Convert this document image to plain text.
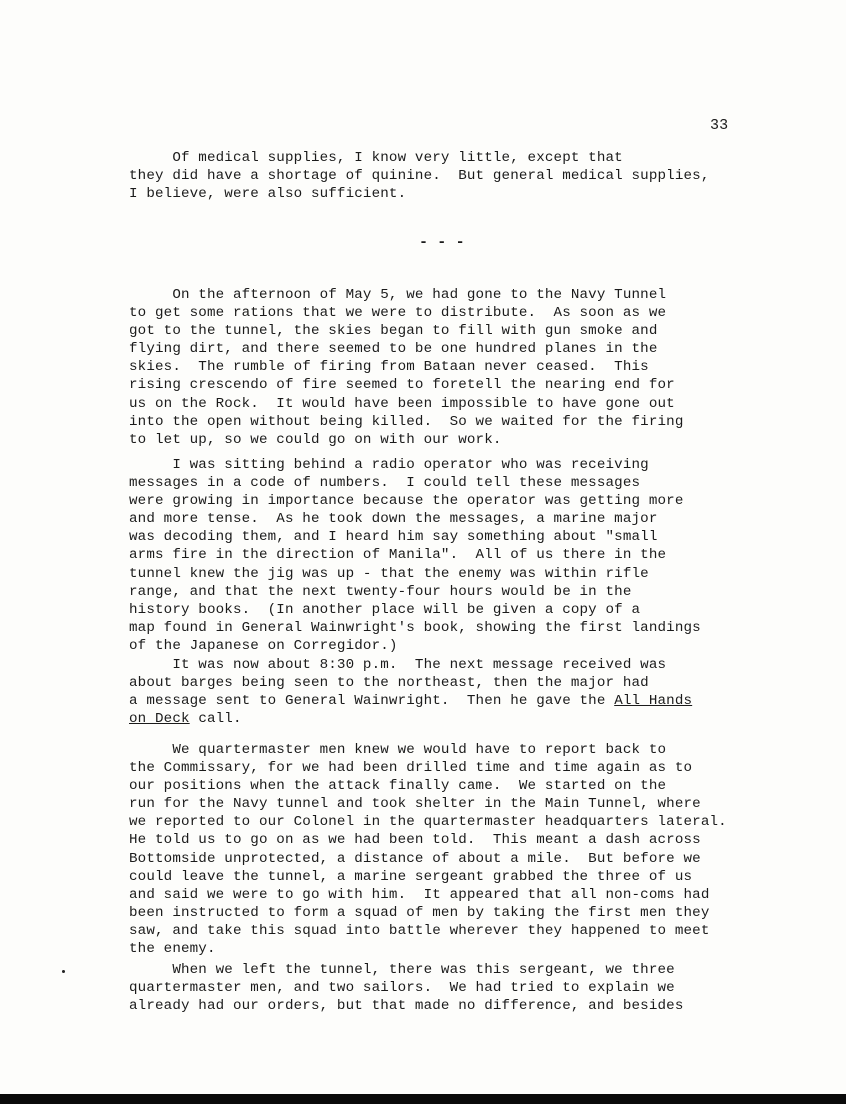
33
Of medical supplies, I know very little, except that
they did have a shortage of quinine.  But general medical supplies,
I believe, were also sufficient.
- - -
On the afternoon of May 5, we had gone to the Navy Tunnel
to get some rations that we were to distribute.  As soon as we
got to the tunnel, the skies began to fill with gun smoke and
flying dirt, and there seemed to be one hundred planes in the
skies.  The rumble of firing from Bataan never ceased.  This
rising crescendo of fire seemed to foretell the nearing end for
us on the Rock.  It would have been impossible to have gone out
into the open without being killed.  So we waited for the firing
to let up, so we could go on with our work.
I was sitting behind a radio operator who was receiving
messages in a code of numbers.  I could tell these messages
were growing in importance because the operator was getting more
and more tense.  As he took down the messages, a marine major
was decoding them, and I heard him say something about "small
arms fire in the direction of Manila".  All of us there in the
tunnel knew the jig was up - that the enemy was within rifle
range, and that the next twenty-four hours would be in the
history books.  (In another place will be given a copy of a
map found in General Wainwright's book, showing the first landings
of the Japanese on Corregidor.)
It was now about 8:30 p.m.  The next message received was
about barges being seen to the northeast, then the major had
a message sent to General Wainwright.  Then he gave the All Hands
on Deck call.
We quartermaster men knew we would have to report back to
the Commissary, for we had been drilled time and time again as to
our positions when the attack finally came.  We started on the
run for the Navy tunnel and took shelter in the Main Tunnel, where
we reported to our Colonel in the quartermaster headquarters lateral.
He told us to go on as we had been told.  This meant a dash across
Bottomside unprotected, a distance of about a mile.  But before we
could leave the tunnel, a marine sergeant grabbed the three of us
and said we were to go with him.  It appeared that all non-coms had
been instructed to form a squad of men by taking the first men they
saw, and take this squad into battle wherever they happened to meet
the enemy.
When we left the tunnel, there was this sergeant, we three
quartermaster men, and two sailors.  We had tried to explain we
already had our orders, but that made no difference, and besides
